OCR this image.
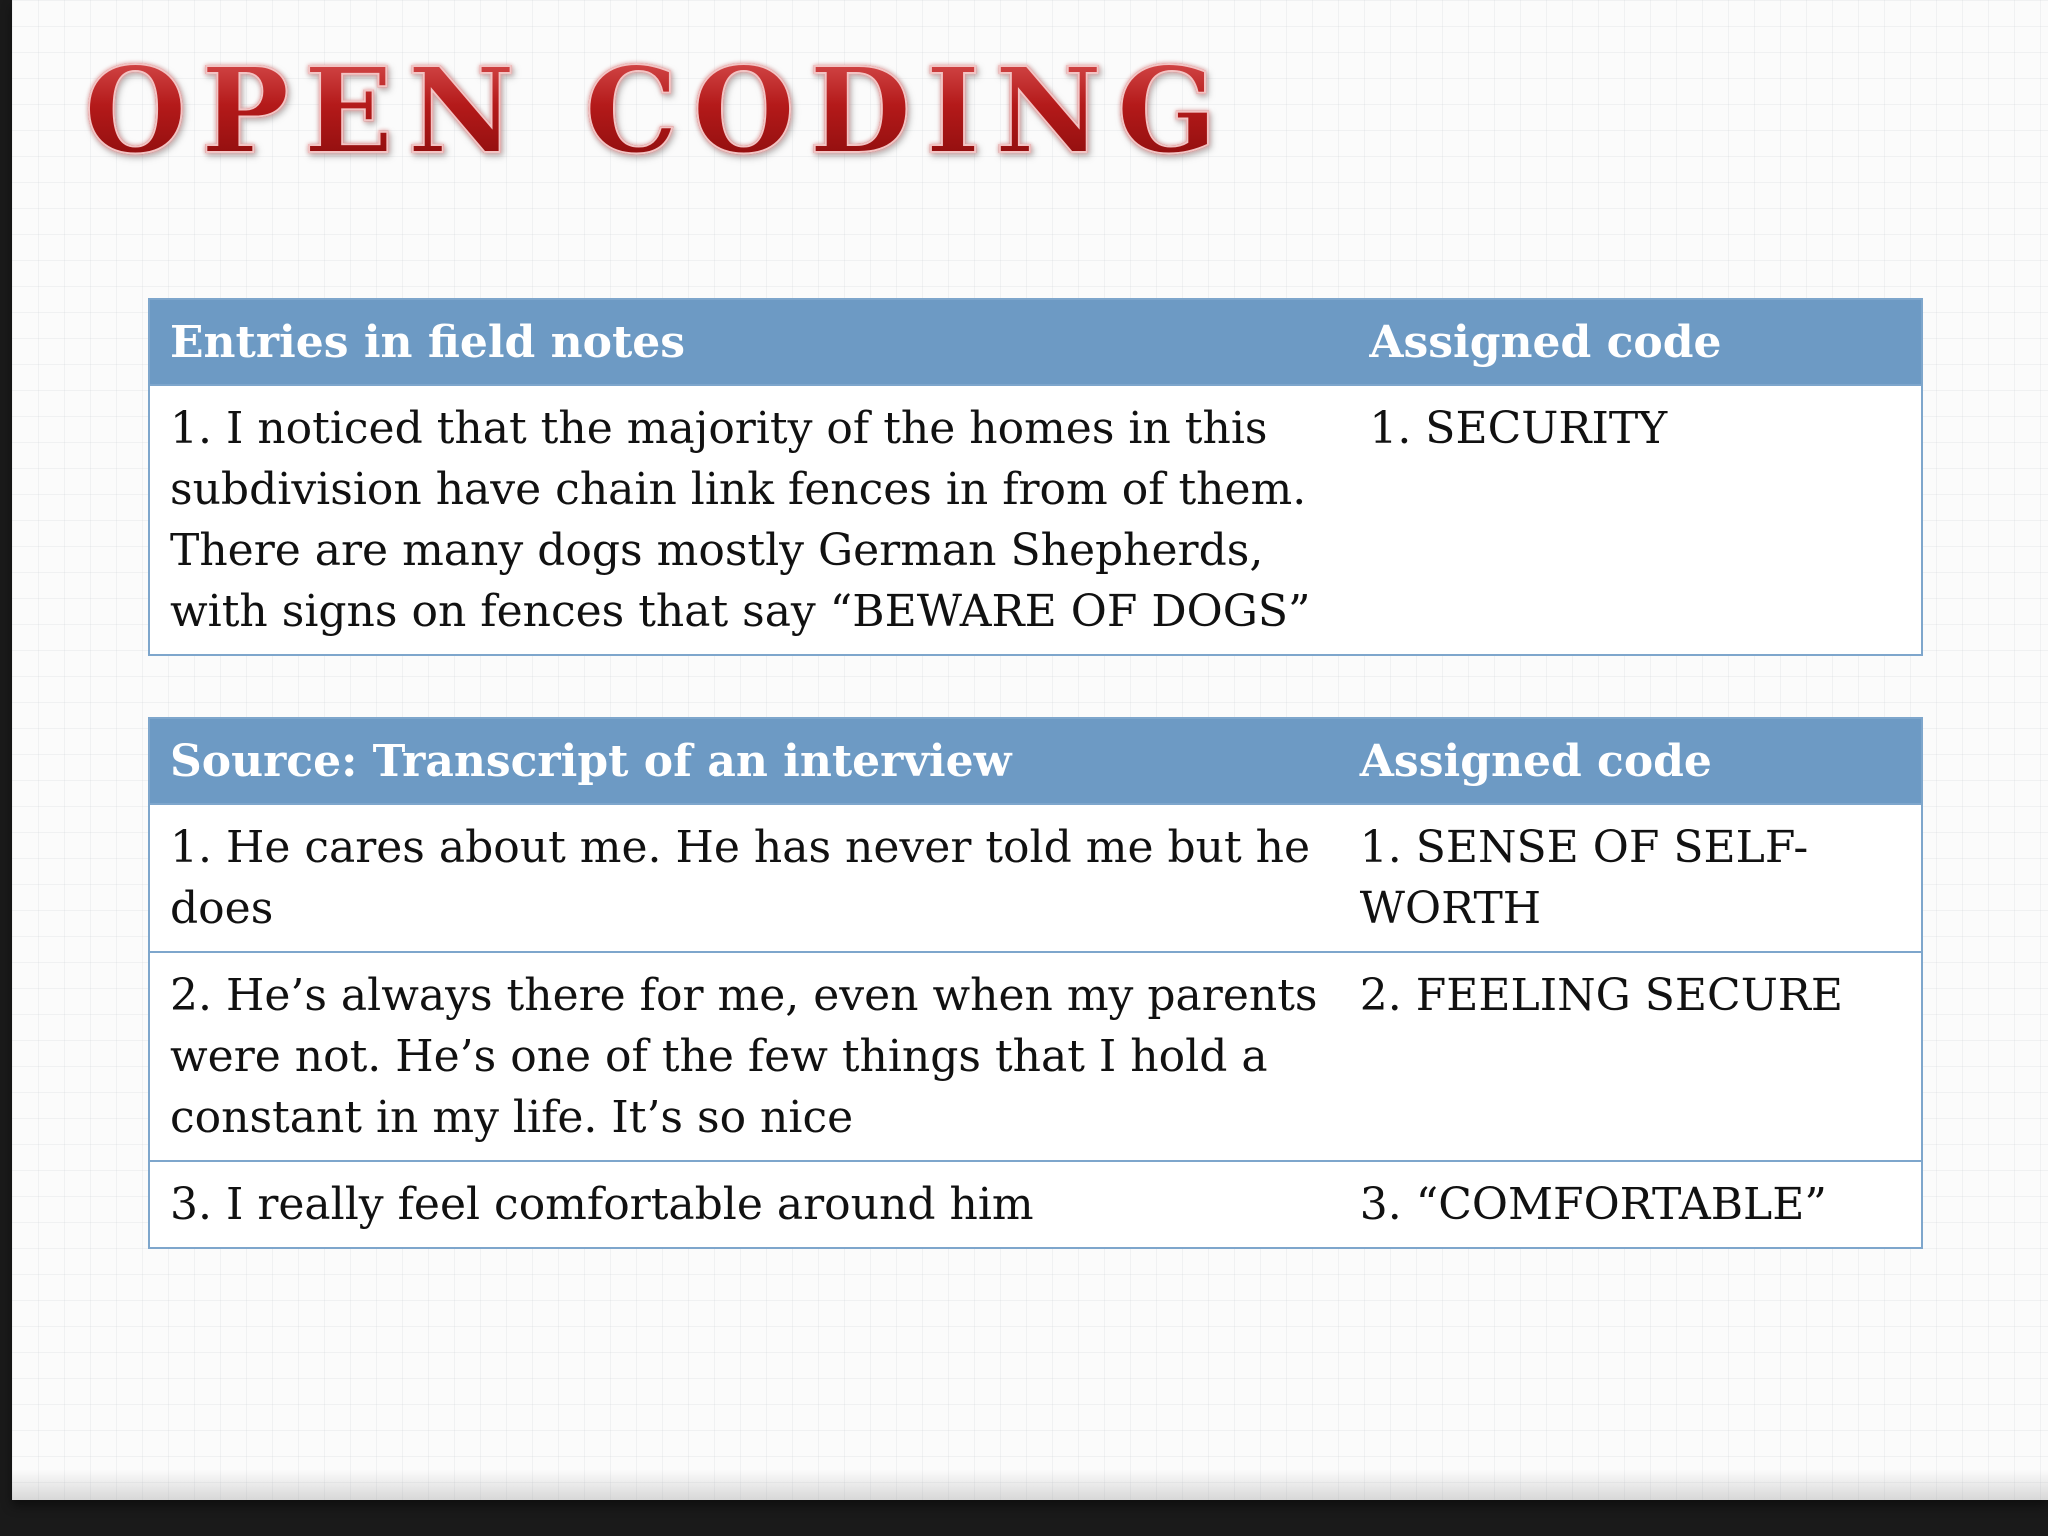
OPEN CODING
Entries in field notes	Assigned code
1. I noticed that the majority of the homes in this subdivision have chain link fences in from of them. There are many dogs mostly German Shepherds, with signs on fences that say “BEWARE OF DOGS”	1. SECURITY
Source: Transcript of an interview	Assigned code
1. He cares about me. He has never told me but he does	1. SENSE OF SELF-WORTH
2. He’s always there for me, even when my parents were not. He’s one of the few things that I hold a constant in my life. It’s so nice	2. FEELING SECURE
3. I really feel comfortable around him	3. “COMFORTABLE”
